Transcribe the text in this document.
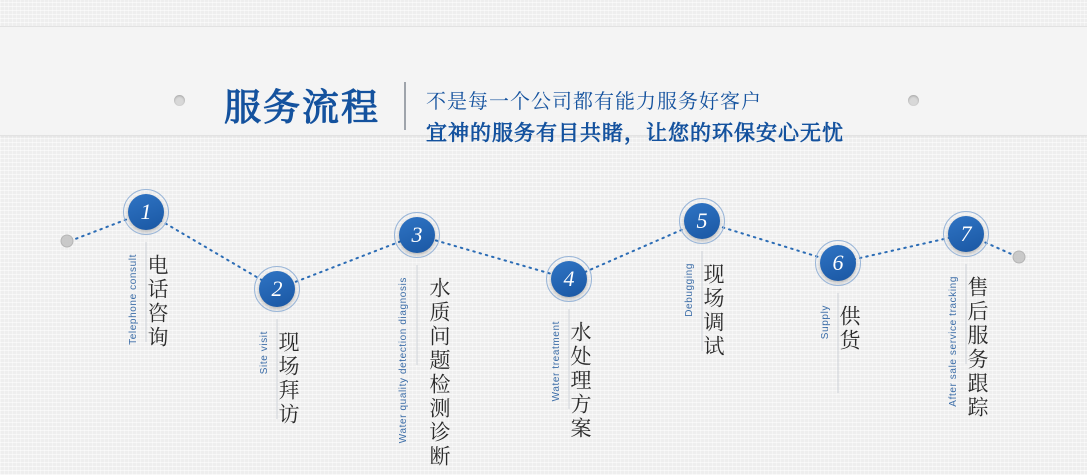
服务流程 不是每一个公司都有能力服务好客户
宜神的服务有目共睹，让您的环保安心无忧
1
电话咨询
Telephone consult	2
现场拜访
Site visit
3
水质问题检测诊断
Water quality detection diagnosis	4
水处理方案
Water treatment
5
现场调试
Debugging
6
供货
Supply
7
售后服务跟踪
After sale service tracking
